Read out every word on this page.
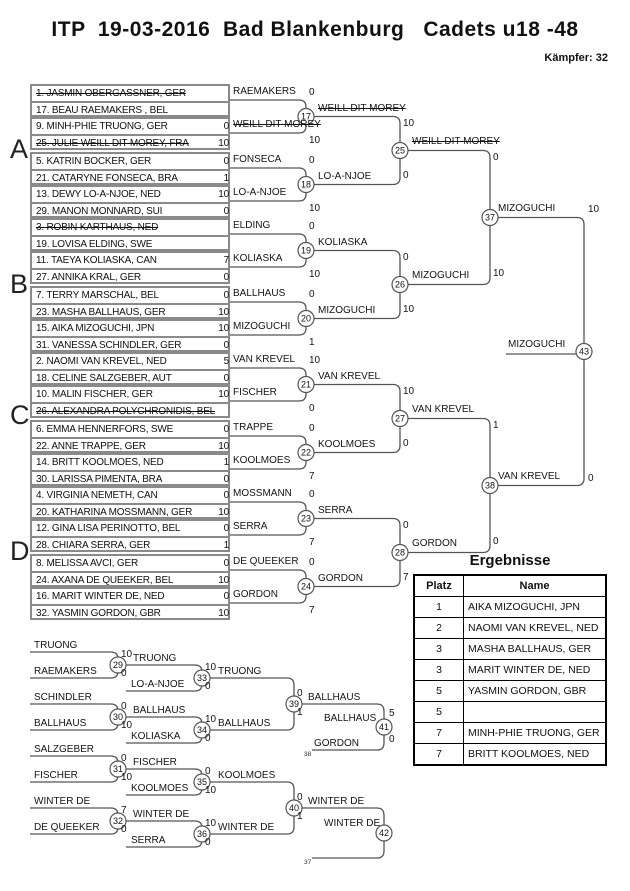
ITP  19-03-2016  Bad Blankenburg   Cadets u18 -48
Kämpfer: 32
A
B
C
D
17
18
19
20
21
22
23
24
25
26
27
28
37
38
43
29
30
31
32
33
34
35
36
39
40
41
42
1. JASMIN OBERGASSNER, GER
17. BEAU RAEMAKERS , BEL
9. MINH-PHIE TRUONG, GER	0
25. JULIE WEILL DIT MOREY, FRA	10
5. KATRIN BOCKER, GER	0
21. CATARYNE FONSECA, BRA	1
13. DEWY LO-A-NJOE, NED	10
29. MANON MONNARD, SUI	0
3. ROBIN KARTHAUS, NED
19. LOVISA ELDING, SWE
11. TAEYA KOLIASKA, CAN	7
27. ANNIKA KRAL, GER	0
7. TERRY MARSCHAL, BEL	0
23. MASHA BALLHAUS, GER	10
15. AIKA MIZOGUCHI, JPN	10
31. VANESSA SCHINDLER, GER	0
2. NAOMI VAN KREVEL, NED	5
18. CELINE SALZGEBER, AUT	0
10. MALIN FISCHER, GER	10
26. ALEXANDRA POLYCHRONIDIS, BEL
6. EMMA HENNERFORS, SWE	0
22. ANNE TRAPPE, GER	10
14. BRITT KOOLMOES, NED	1
30. LARISSA PIMENTA, BRA	0
4. VIRGINIA NEMETH, CAN	0
20. KATHARINA MOSSMANN, GER	10
12. GINA LISA PERINOTTO, BEL	0
28. CHIARA SERRA, GER	1
8. MELISSA AVCI, GER	0
24. AXANA DE QUEEKER, BEL	10
16. MARIT WINTER DE, NED	0
32. YASMIN GORDON, GBR	10
RAEMAKERS
WEILL DIT MOREY
FONSECA
LO-A-NJOE
ELDING
KOLIASKA
BALLHAUS
MIZOGUCHI
VAN KREVEL
FISCHER
TRAPPE
KOOLMOES
MOSSMANN
SERRA
DE QUEEKER
GORDON
0
10
0
10
0
10
0
1
10
0
0
7
0
7
0
7
WEILL DIT MOREY
10
LO-A-NJOE	0
KOLIASKA
0
MIZOGUCHI	10
VAN KREVEL
10
KOOLMOES	0
SERRA
0
GORDON	7
WEILL DIT MOREY
0
MIZOGUCHI 10
VAN KREVEL
1
GORDON	0
MIZOGUCHI	10
VAN KREVEL	0
MIZOGUCHI
TRUONG
RAEMAKERS
SCHINDLER
BALLHAUS
SALZGEBER
FISCHER
WINTER DE
DE QUEEKER
10
0
TRUONG
0
10
BALLHAUS
0
10
FISCHER
7
0
WINTER DE
LO-A-NJOE
10
0
TRUONG
KOLIASKA
10
0
BALLHAUS
KOOLMOES
0
10
KOOLMOES
SERRA
10
0
WINTER DE
0
1
BALLHAUS
0
1
WINTER DE
GORDON
38
5
0
BALLHAUS
37
WINTER DE
Ergebnisse
Platz	Name
1	AIKA MIZOGUCHI, JPN
2	NAOMI VAN KREVEL, NED
3	MASHA BALLHAUS, GER
3	MARIT WINTER DE, NED
5	YASMIN GORDON, GBR
5	
7	MINH-PHIE TRUONG, GER
7	BRITT KOOLMOES, NED
